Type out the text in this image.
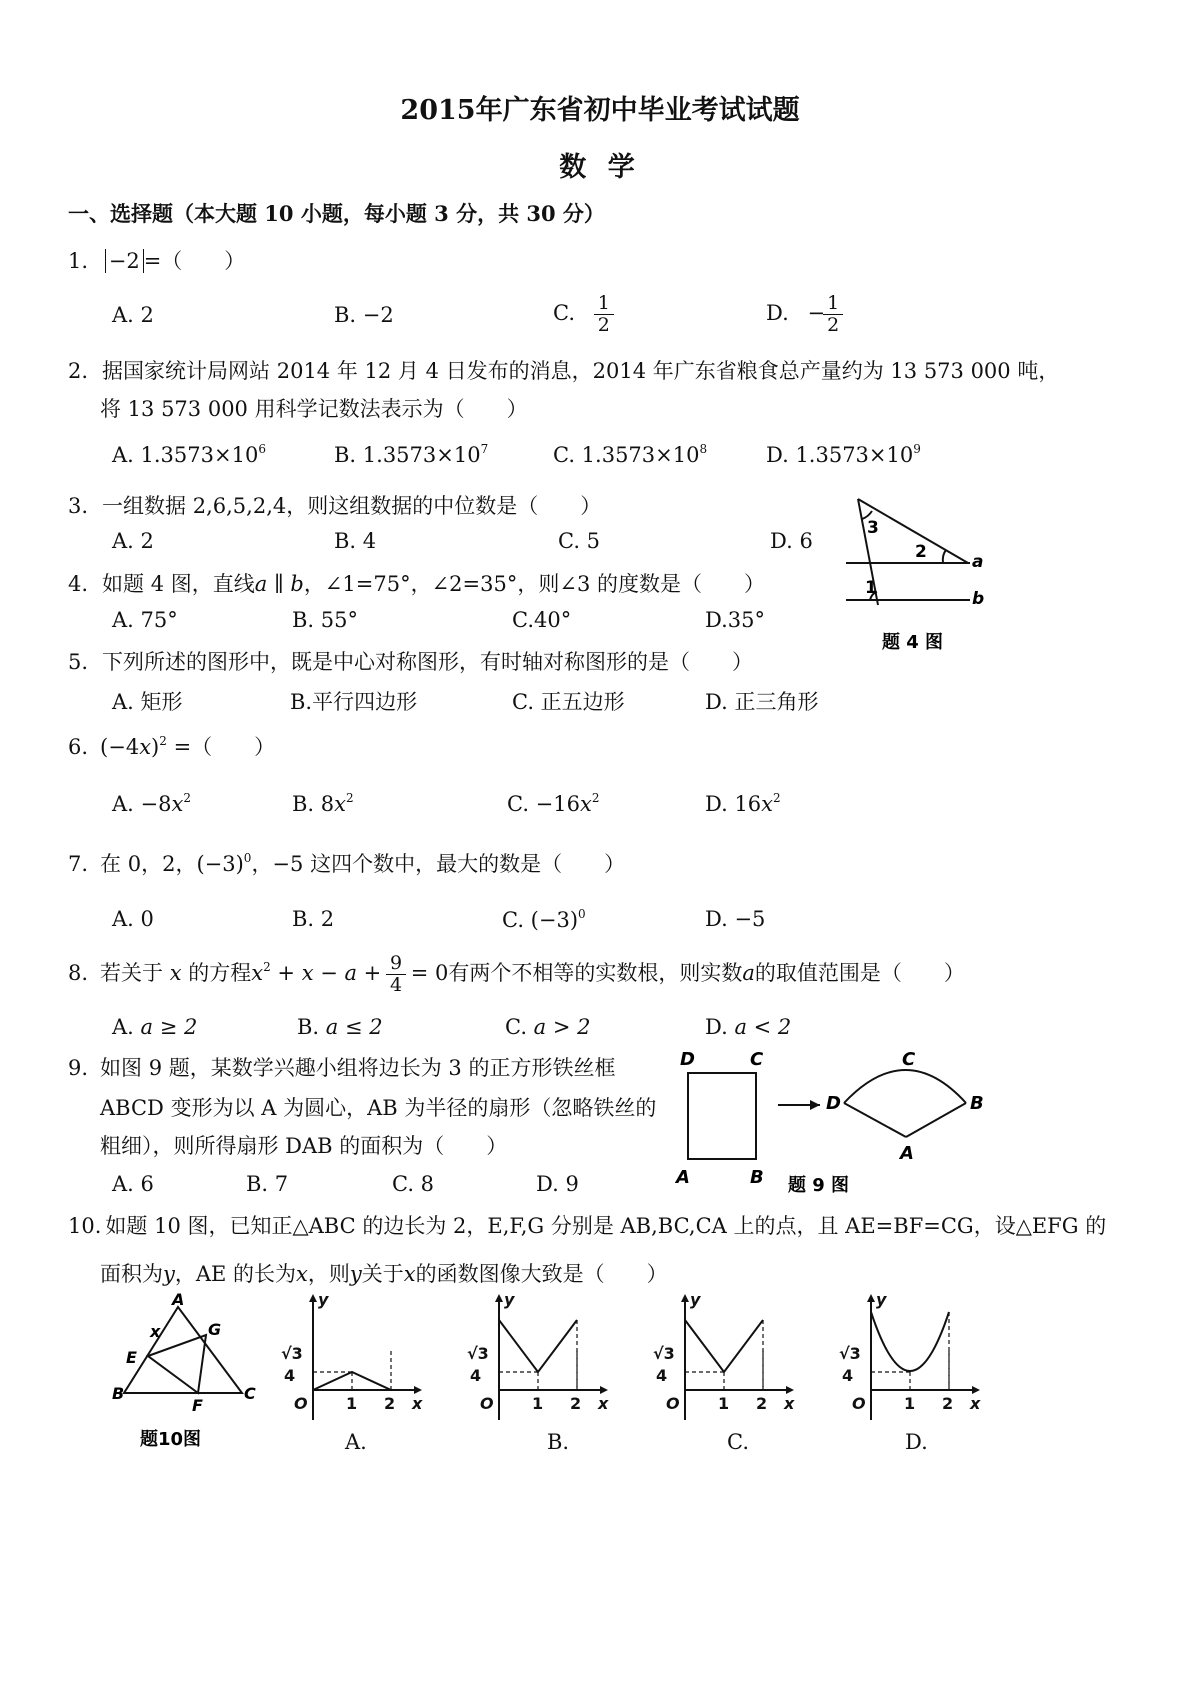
2015年广东省初中毕业考试试题
数 学
一、选择题（本大题 10 小题，每小题 3 分，共 30 分）
1. −2 =（　　）
A. 2	B. −2	C. $\frac{1}{2}$	D. − $\frac{1}{2}$
2. 据国家统计局网站 2014 年 12 月 4 日发布的消息，2014 年广东省粮食总产量约为 13 573 000 吨，
将 13 573 000 用科学记数法表示为（　　）
A. $1.3573\times 10^6$	B. $1.3573\times 10^7$	C. $1.3573\times 10^8$	D. $1.3573\times 10^9$
3. 一组数据 2,6,5,2,4，则这组数据的中位数是（　　）
A. 2	B. 4	C. 5	D. 6
4. 如题 4 图，直线a ∥ b，∠1=75°，∠2=35°，则∠3 的度数是（　　）
A. 75°	B. 55°	C.40°	D.35°
3
2
1
a
b
题 4 图
5. 下列所述的图形中，既是中心对称图形，有时轴对称图形的是（　　）
A. 矩形	B.平行四边形	C. 正五边形	D. 正三角形
6. $(-4x)^2$ =（　　）
A. $-8x^2$	B. $8x^2$	C. $-16x^2$	D. $16x^2$
7. 在 0，2，$(-3)^0$，−5 这四个数中，最大的数是（　　）
A. 0	B. 2	C. $(-3)^0$	D. −5
8. 若关于 x 的方程$x^2 + x - a + \frac{9}{4} = 0$有两个不相等的实数根，则实数a的取值范围是（　　）
A. a ≥ 2	B. a ≤ 2	C. a > 2	D. a < 2
9. 如图 9 题，某数学兴趣小组将边长为 3 的正方形铁丝框
ABCD 变形为以 A 为圆心，AB 为半径的扇形（忽略铁丝的
粗细），则所得扇形 DAB 的面积为（　　）
A. 6	B. 7	C. 8	D. 9
D	C
A	B
D
C
B
A
题 9 图
10. 如题 10 图，已知正△ABC 的边长为 2，E,F,G 分别是 AB,BC,CA 上的点，且 AE=BF=CG，设△EFG 的
面积为y，AE 的长为x，则y关于x的函数图像大致是（　　）
A
x	G
E
B
F
C
题10图
y
√3
4
O 1 2 x
y
√3
4
O 1 2 x
y
√3
4
O 1 2 x
y
√3
4
O 1 2 x
A.	B.	C.	D.
